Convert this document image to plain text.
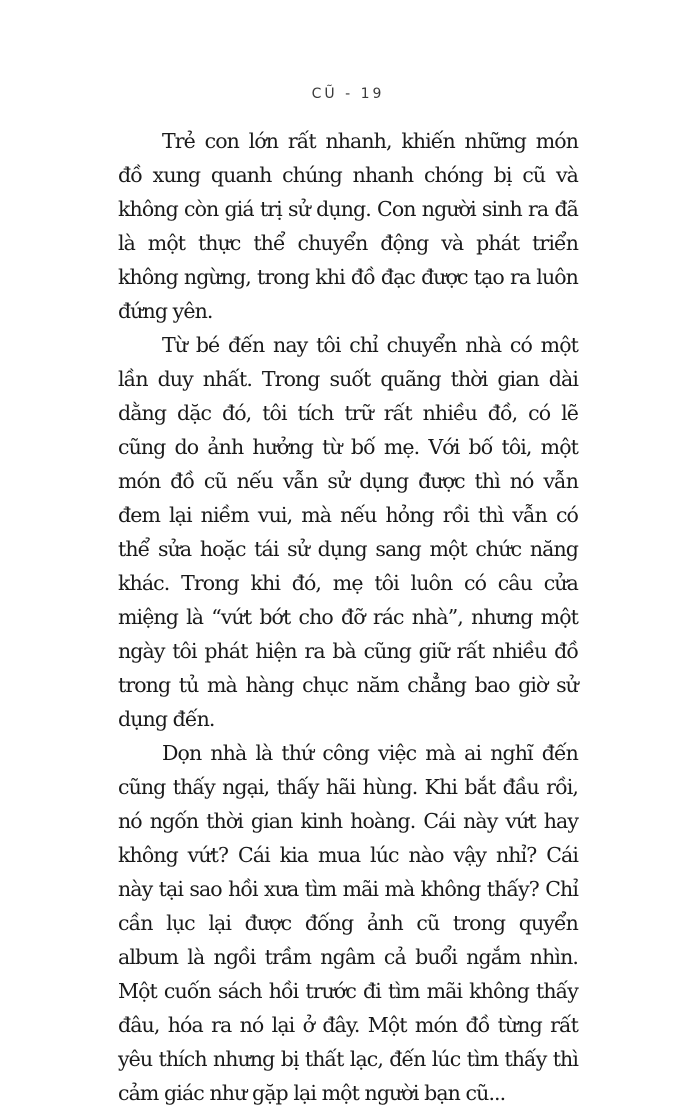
CŨ - 19

Trẻ con lớn rất nhanh, khiến những món đồ xung quanh chúng nhanh chóng bị cũ và không còn giá trị sử dụng. Con người sinh ra đã là một thực thể chuyển động và phát triển không ngừng, trong khi đồ đạc được tạo ra luôn đứng yên.

Từ bé đến nay tôi chỉ chuyển nhà có một lần duy nhất. Trong suốt quãng thời gian dài dằng dặc đó, tôi tích trữ rất nhiều đồ, có lẽ cũng do ảnh hưởng từ bố mẹ. Với bố tôi, một món đồ cũ nếu vẫn sử dụng được thì nó vẫn đem lại niềm vui, mà nếu hỏng rồi thì vẫn có thể sửa hoặc tái sử dụng sang một chức năng khác. Trong khi đó, mẹ tôi luôn có câu cửa miệng là “vứt bớt cho đỡ rác nhà”, nhưng một ngày tôi phát hiện ra bà cũng giữ rất nhiều đồ trong tủ mà hàng chục năm chẳng bao giờ sử dụng đến.

Dọn nhà là thứ công việc mà ai nghĩ đến cũng thấy ngại, thấy hãi hùng. Khi bắt đầu rồi, nó ngốn thời gian kinh hoàng. Cái này vứt hay không vứt? Cái kia mua lúc nào vậy nhỉ? Cái này tại sao hồi xưa tìm mãi mà không thấy? Chỉ cần lục lại được đống ảnh cũ trong quyển album là ngồi trầm ngâm cả buổi ngắm nhìn. Một cuốn sách hồi trước đi tìm mãi không thấy đâu, hóa ra nó lại ở đây. Một món đồ từng rất yêu thích nhưng bị thất lạc, đến lúc tìm thấy thì cảm giác như gặp lại một người bạn cũ...
